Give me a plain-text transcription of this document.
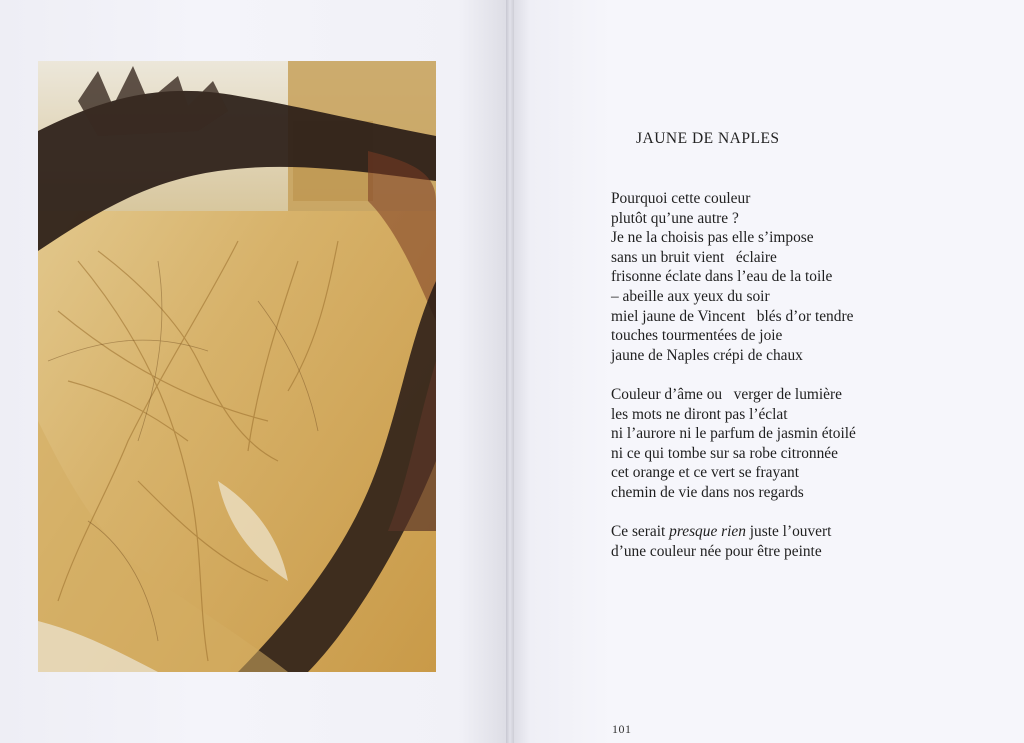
JAUNE DE NAPLES

Pourquoi cette couleur
plutôt qu’une autre ?
Je ne la choisis pas elle s’impose
sans un bruit vient   éclaire
frisonne éclate dans l’eau de la toile
– abeille aux yeux du soir
miel jaune de Vincent   blés d’or tendre
touches tourmentées de joie
jaune de Naples crépi de chaux

Couleur d’âme ou   verger de lumière
les mots ne diront pas l’éclat
ni l’aurore ni le parfum de jasmin étoilé
ni ce qui tombe sur sa robe citronnée
cet orange et ce vert se frayant
chemin de vie dans nos regards

Ce serait presque rien juste l’ouvert
d’une couleur née pour être peinte

101
